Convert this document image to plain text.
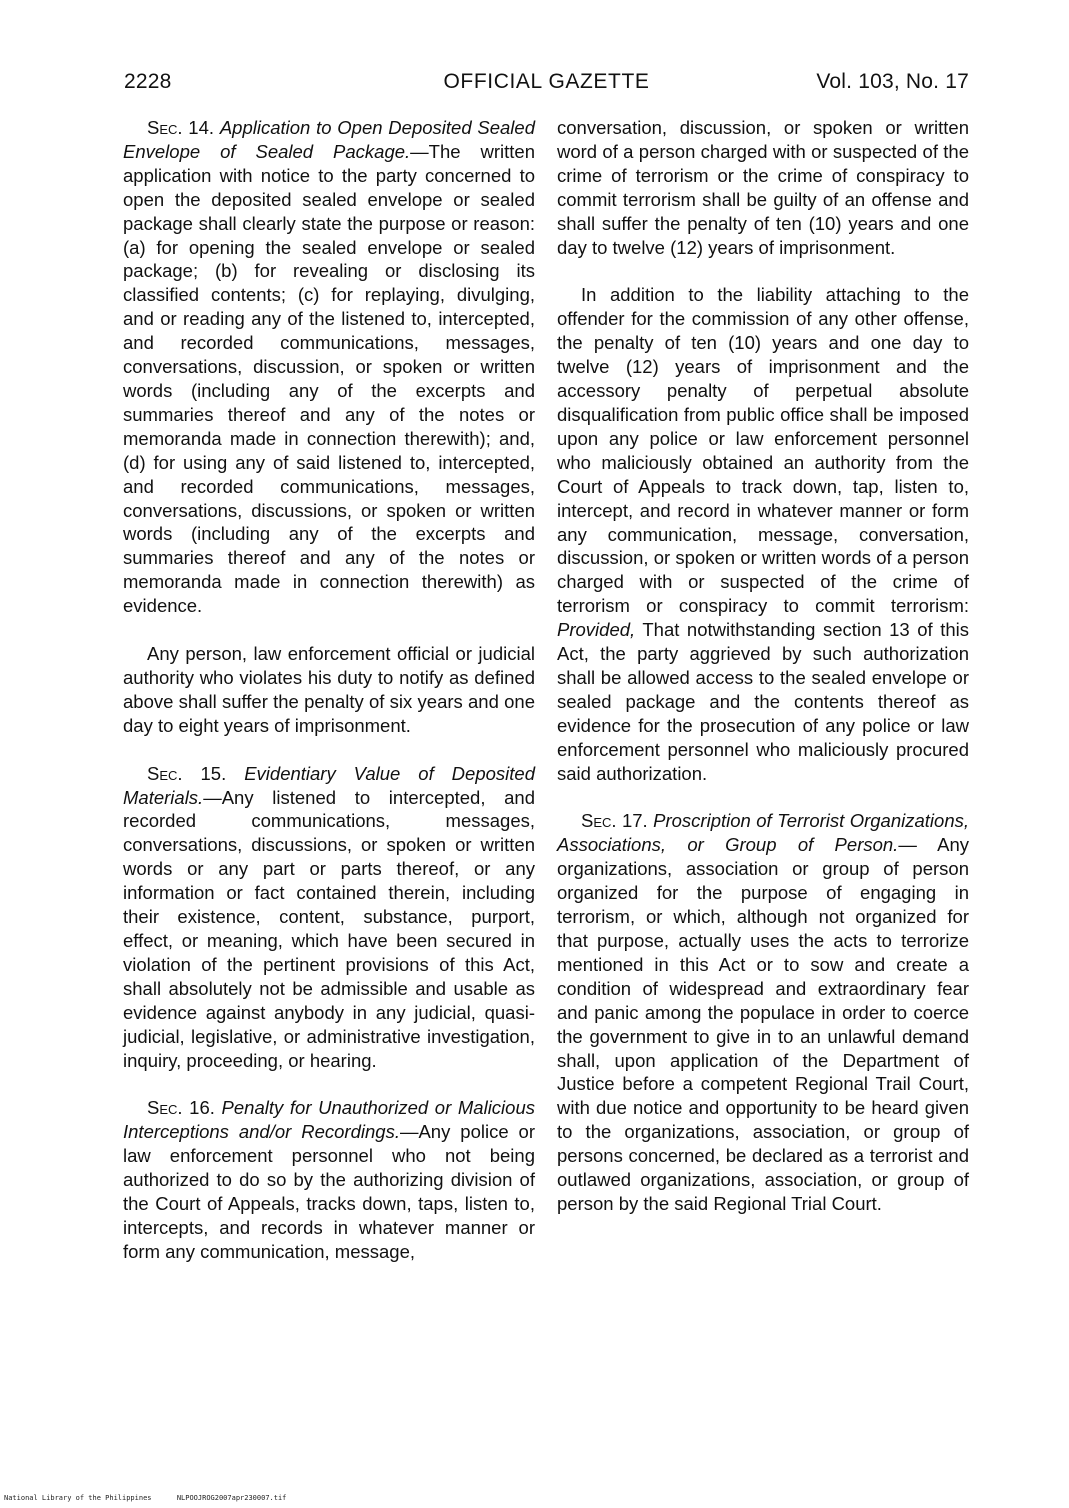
2228	OFFICIAL GAZETTE	Vol. 103, No. 17

Sec. 14. Application to Open Deposited Sealed Envelope of Sealed Package.—The written application with notice to the party concerned to open the deposited sealed envelope or sealed package shall clearly state the purpose or reason: (a) for opening the sealed envelope or sealed package; (b) for revealing or disclosing its classified contents; (c) for replaying, divulging, and or reading any of the listened to, intercepted, and recorded communications, messages, conversations, discussion, or spoken or written words (including any of the excerpts and summaries thereof and any of the notes or memoranda made in connection therewith); and, (d) for using any of said listened to, intercepted, and recorded communications, messages, conversations, discussions, or spoken or written words (including any of the excerpts and summaries thereof and any of the notes or memoranda made in connection therewith) as evidence.

Any person, law enforcement official or judicial authority who violates his duty to notify as defined above shall suffer the penalty of six years and one day to eight years of imprisonment.

Sec. 15. Evidentiary Value of Deposited Materials.—Any listened to intercepted, and recorded communications, messages, conversations, discussions, or spoken or written words or any part or parts thereof, or any information or fact contained therein, including their existence, content, substance, purport, effect, or meaning, which have been secured in violation of the pertinent provisions of this Act, shall absolutely not be admissible and usable as evidence against anybody in any judicial, quasi-judicial, legislative, or administrative investigation, inquiry, proceeding, or hearing.

Sec. 16. Penalty for Unauthorized or Malicious Interceptions and/or Recordings.—Any police or law enforcement personnel who not being authorized to do so by the authorizing division of the Court of Appeals, tracks down, taps, listen to, intercepts, and records in whatever manner or form any communication, message,

conversation, discussion, or spoken or written word of a person charged with or suspected of the crime of terrorism or the crime of conspiracy to commit terrorism shall be guilty of an offense and shall suffer the penalty of ten (10) years and one day to twelve (12) years of imprisonment.

In addition to the liability attaching to the offender for the commission of any other offense, the penalty of ten (10) years and one day to twelve (12) years of imprisonment and the accessory penalty of perpetual absolute disqualification from public office shall be imposed upon any police or law enforcement personnel who maliciously obtained an authority from the Court of Appeals to track down, tap, listen to, intercept, and record in whatever manner or form any communication, message, conversation, discussion, or spoken or written words of a person charged with or suspected of the crime of terrorism or conspiracy to commit terrorism: Provided, That notwithstanding section 13 of this Act, the party aggrieved by such authorization shall be allowed access to the sealed envelope or sealed package and the contents thereof as evidence for the prosecution of any police or law enforcement personnel who maliciously procured said authorization.

Sec. 17. Proscription of Terrorist Organizations, Associations, or Group of Person.— Any organizations, association or group of person organized for the purpose of engaging in terrorism, or which, although not organized for that purpose, actually uses the acts to terrorize mentioned in this Act or to sow and create a condition of widespread and extraordinary fear and panic among the populace in order to coerce the government to give in to an unlawful demand shall, upon application of the Department of Justice before a competent Regional Trail Court, with due notice and opportunity to be heard given to the organizations, association, or group of persons concerned, be declared as a terrorist and outlawed organizations, association, or group of person by the said Regional Trial Court.

National Library of the Philippines	NLPOOJROG2007apr230007.tif
